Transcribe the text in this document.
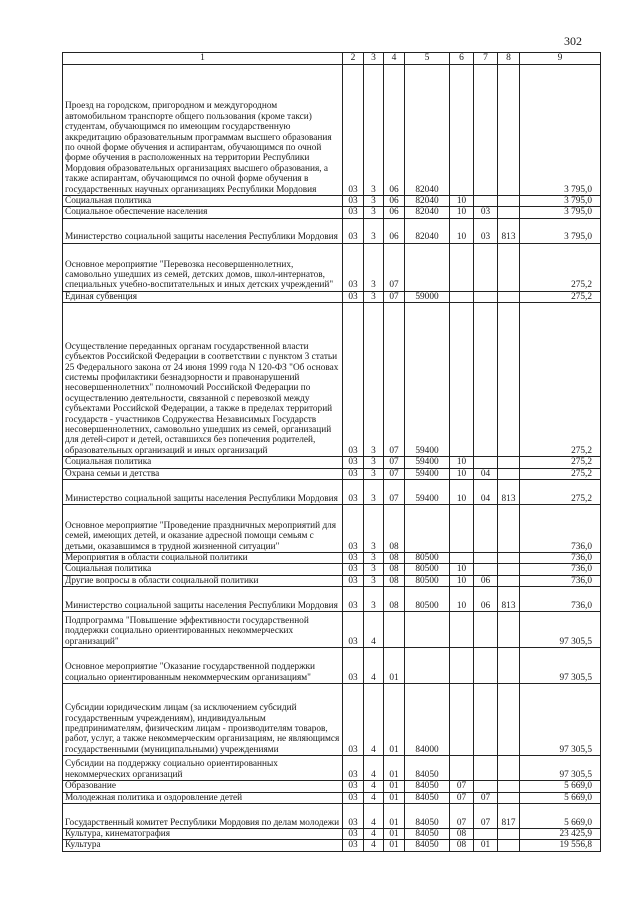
302
1	2	3	4	5	6	7	8	9
Проезд на городском, пригородном и междугородном автомобильном транспорте общего пользования (кроме такси) студентам, обучающимся по имеющим государственную аккредитацию образовательным программам высшего образования по очной форме обучения и аспирантам, обучающимся по очной форме обучения в расположенных на территории Республики Мордовия образовательных организациях высшего образования, а также аспирантам, обучающимся по очной форме обучения в государственных научных организациях Республики Мордовия	03	3	06	82040				3 795,0
Социальная политика	03	3	06	82040	10			3 795,0
Социальное обеспечение населения	03	3	06	82040	10	03		3 795,0
Министерство социальной защиты населения Республики Мордовия	03	3	06	82040	10	03	813	3 795,0
Основное мероприятие "Перевозка несовершеннолетних, самовольно ушедших из семей, детских домов, школ-интернатов, специальных учебно-воспитательных и иных детских учреждений"	03	3	07					275,2
Единая субвенция	03	3	07	59000				275,2
Осуществление переданных органам государственной власти субъектов Российской Федерации в соответствии с пунктом 3 статьи 25 Федерального закона от 24 июня 1999 года N 120-ФЗ "Об основах системы профилактики безнадзорности и правонарушений несовершеннолетних" полномочий Российской Федерации по осуществлению деятельности, связанной с перевозкой между субъектами Российской Федерации, а также в пределах территорий государств - участников Содружества Независимых Государств несовершеннолетних, самовольно ушедших из семей, организаций для детей-сирот и детей, оставшихся без попечения родителей, образовательных организаций и иных организаций	03	3	07	59400				275,2
Социальная политика	03	3	07	59400	10			275,2
Охрана семьи и детства	03	3	07	59400	10	04		275,2
Министерство социальной защиты населения Республики Мордовия	03	3	07	59400	10	04	813	275,2
Основное мероприятие "Проведение праздничных мероприятий для семей, имеющих детей, и оказание адресной помощи семьям с детьми, оказавшимся в трудной жизненной ситуации"	03	3	08					736,0
Мероприятия в области социальной политики	03	3	08	80500				736,0
Социальная политика	03	3	08	80500	10			736,0
Другие вопросы в области социальной политики	03	3	08	80500	10	06		736,0
Министерство социальной защиты населения Республики Мордовия	03	3	08	80500	10	06	813	736,0
Подпрограмма "Повышение эффективности государственной поддержки социально ориентированных некоммерческих организаций"	03	4						97 305,5
Основное мероприятие "Оказание государственной поддержки социально ориентированным некоммерческим организациям"	03	4	01					97 305,5
Субсидии юридическим лицам (за исключением субсидий государственным учреждениям), индивидуальным предпринимателям, физическим лицам - производителям товаров, работ, услуг, а также некоммерческим организациям, не являющимся государственными (муниципальными) учреждениями	03	4	01	84000				97 305,5
Субсидии на поддержку социально ориентированных некоммерческих организаций	03	4	01	84050				97 305,5
Образование	03	4	01	84050	07			5 669,0
Молодежная политика и оздоровление детей	03	4	01	84050	07	07		5 669,0
Государственный комитет Республики Мордовия по делам молодежи	03	4	01	84050	07	07	817	5 669,0
Культура, кинематография	03	4	01	84050	08			23 425,9
Культура	03	4	01	84050	08	01		19 556,8
